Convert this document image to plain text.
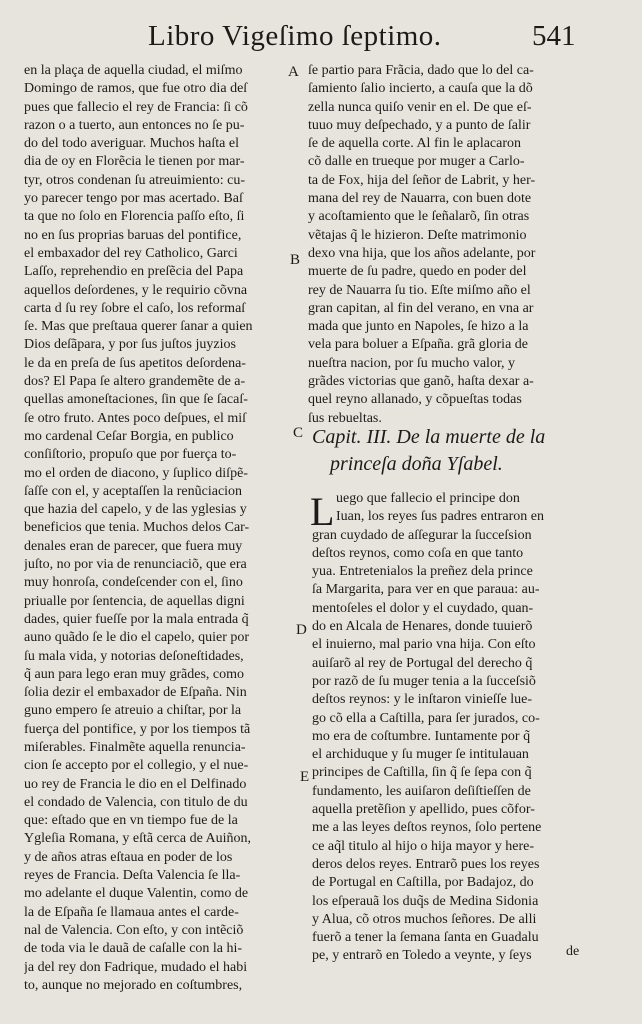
Libro Vigeſimo ſeptimo.	541
A
B
C
D
E
en la plaça de aquella ciudad, el miſmo
Domingo de ramos, que fue otro dia deſ
pues que fallecio el rey de Francia: ſi cõ
razon o a tuerto, aun entonces no ſe pu-
do del todo averiguar. Muchos haſta el
dia de oy en Florẽcia le tienen por mar-
tyr, otros condenan ſu atreuimiento: cu-
yo parecer tengo por mas acertado. Baſ
ta que no ſolo en Florencia paſſo eſto, ſi
no en ſus proprias baruas del pontifice,
el embaxador del rey Catholico, Garci
Laſſo, reprehendio en preſẽcia del Papa
aquellos deſordenes, y le requirio cõvna
carta d ſu rey ſobre el caſo, los reformaſ
ſe. Mas que preſtaua querer ſanar a quien
Dios deſãpara, y por ſus juſtos juyzios
le da en preſa de ſus apetitos deſordena-
dos? El Papa ſe altero grandemẽte de a-
quellas amoneſtaciones, ſin que ſe ſacaſ-
ſe otro fruto. Antes poco deſpues, el miſ
mo cardenal Ceſar Borgia, en publico
conſiſtorio, propuſo que por fuerça to-
mo el orden de diacono, y ſuplico diſpẽ-
ſaſſe con el, y aceptaſſen la renũciacion
que hazia del capelo, y de las yglesias y
beneficios que tenia. Muchos delos Car-
denales eran de parecer, que fuera muy
juſto, no por via de renunciaciõ, que era
muy honroſa, condeſcender con el, ſino
priualle por ſentencia, de aquellas digni
dades, quier fueſſe por la mala entrada q̃
auno quãdo ſe le dio el capelo, quier por
ſu mala vida, y notorias deſoneſtidades,
q̃ aun para lego eran muy grãdes, como
ſolia dezir el embaxador de Eſpaña. Nin
guno empero ſe atreuio a chiſtar, por la
fuerça del pontifice, y por los tiempos tã
miſerables. Finalmẽte aquella renuncia-
cion ſe accepto por el collegio, y el nue-
uo rey de Francia le dio en el Delfinado
el condado de Valencia, con titulo de du
que: eſtado que en vn tiempo fue de la
Ygleſia Romana, y eſtã cerca de Auiñon,
y de años atras eſtaua en poder de los
reyes de Francia. Deſta Valencia ſe lla-
mo adelante el duque Valentin, como de
la de Eſpaña ſe llamaua antes el carde-
nal de Valencia. Con eſto, y con intẽciõ
de toda via le dauã de caſalle con la hi-
ja del rey don Fadrique, mudado el habi
to, aunque no mejorado en coſtumbres,
ſe partio para Frãcia, dado que lo del ca-
ſamiento ſalio incierto, a cauſa que la dõ
zella nunca quiſo venir en el. De que eſ-
tuuo muy deſpechado, y a punto de ſalir
ſe de aquella corte. Al fin le aplacaron
cõ dalle en trueque por muger a Carlo-
ta de Fox, hija del ſeñor de Labrit, y her-
mana del rey de Nauarra, con buen dote
y acoſtamiento que le ſeñalarõ, ſin otras
vẽtajas q̃ le hizieron. Deſte matrimonio
dexo vna hija, que los años adelante, por
muerte de ſu padre, quedo en poder del
rey de Nauarra ſu tio. Eſte miſmo año el
gran capitan, al fin del verano, en vna ar
mada que junto en Napoles, ſe hizo a la
vela para boluer a Eſpaña. grã gloria de
nueſtra nacion, por ſu mucho valor, y
grãdes victorias que ganõ, haſta dexar a-
quel reyno allanado, y cõpueſtas todas
ſus rebueltas.
Capit. III. De la muerte de la
princeſa doña Yſabel.
L uego que fallecio el principe don
Iuan, los reyes ſus padres entraron en
gran cuydado de aſſegurar la ſucceſsion
deſtos reynos, como coſa en que tanto
yua. Entretenialos la preñez dela prince
ſa Margarita, para ver en que paraua: au-
mentoſeles el dolor y el cuydado, quan-
do en Alcala de Henares, donde tuuierõ
el inuierno, mal pario vna hija. Con eſto
auiſarõ al rey de Portugal del derecho q̃
por razõ de ſu muger tenia a la ſucceſsiõ
deſtos reynos: y le inſtaron vinieſſe lue-
go cõ ella a Caſtilla, para ſer jurados, co-
mo era de coſtumbre. Iuntamente por q̃
el archiduque y ſu muger ſe intitulauan
principes de Caſtilla, ſin q̃ ſe ſepa con q̃
fundamento, les auiſaron deſiſtieſſen de
aquella pretẽſion y apellido, pues cõfor-
me a las leyes deſtos reynos, ſolo pertene
ce aq̃l titulo al hijo o hija mayor y here-
deros delos reyes. Entrarõ pues los reyes
de Portugal en Caſtilla, por Badajoz, do
los eſperauã los duq̃s de Medina Sidonia
y Alua, cõ otros muchos ſeñores. De alli
fuerõ a tener la ſemana ſanta en Guadalu
pe, y entrarõ en Toledo a veynte, y ſeys	de
